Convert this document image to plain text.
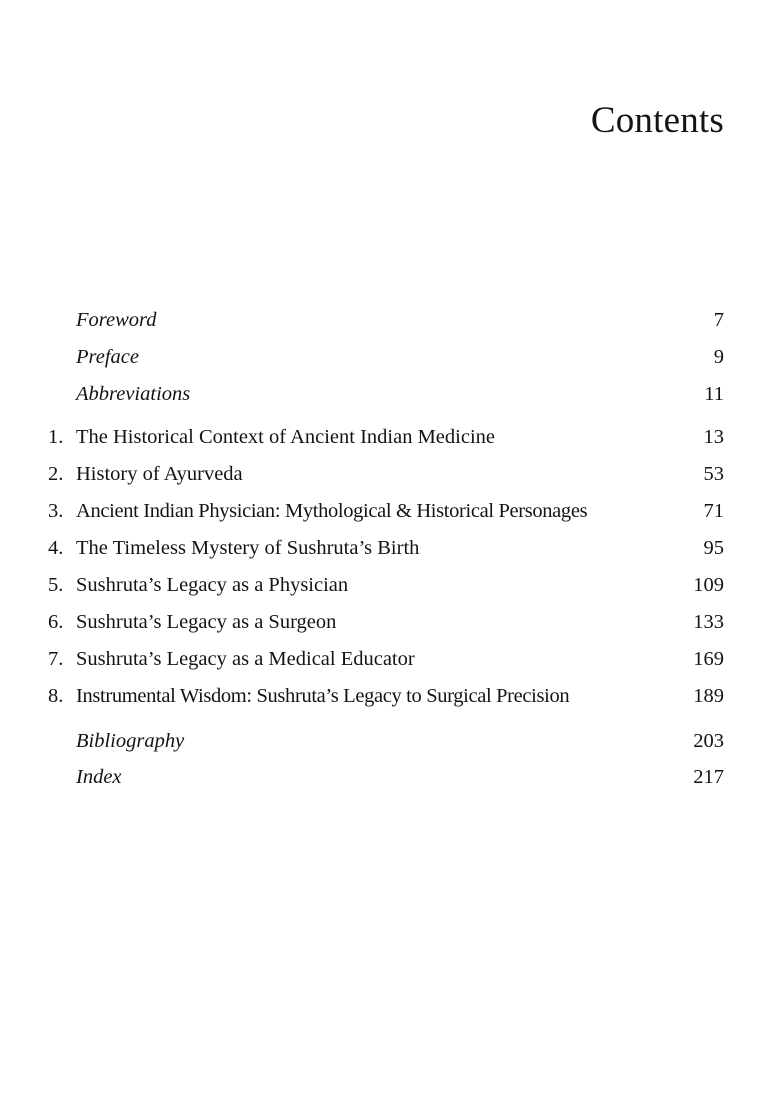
Contents
Foreword	7
Preface	9
Abbreviations	11
1. The Historical Context of Ancient Indian Medicine	13
2. History of Ayurveda	53
3. Ancient Indian Physician: Mythological & Historical Personages	71
4. The Timeless Mystery of Sushruta’s Birth	95
5. Sushruta’s Legacy as a Physician	109
6. Sushruta’s Legacy as a Surgeon	133
7. Sushruta’s Legacy as a Medical Educator	169
8. Instrumental Wisdom: Sushruta’s Legacy to Surgical Precision	189
Bibliography	203
Index	217
